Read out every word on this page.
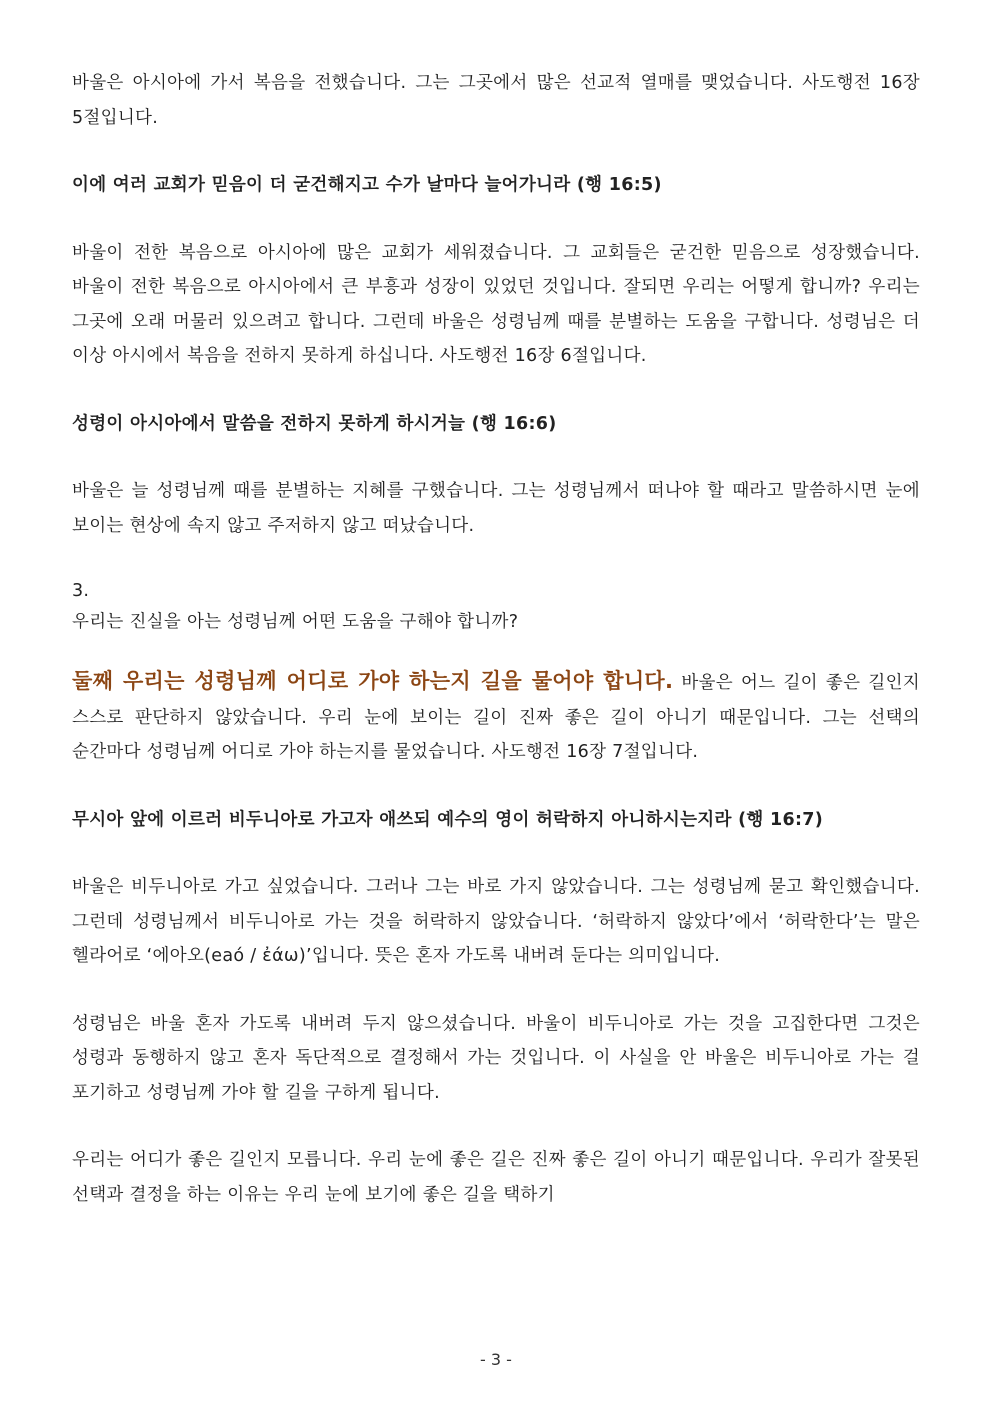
바울은 아시아에 가서 복음을 전했습니다. 그는 그곳에서 많은 선교적 열매를 맺었습니다. 사도행전 16장 5절입니다.

이에 여러 교회가 믿음이 더 굳건해지고 수가 날마다 늘어가니라 (행 16:5)

바울이 전한 복음으로 아시아에 많은 교회가 세워졌습니다. 그 교회들은 굳건한 믿음으로 성장했습니다. 바울이 전한 복음으로 아시아에서 큰 부흥과 성장이 있었던 것입니다. 잘되면 우리는 어떻게 합니까? 우리는 그곳에 오래 머물러 있으려고 합니다. 그런데 바울은 성령님께 때를 분별하는 도움을 구합니다. 성령님은 더 이상 아시에서 복음을 전하지 못하게 하십니다. 사도행전 16장 6절입니다.

성령이 아시아에서 말씀을 전하지 못하게 하시거늘 (행 16:6)

바울은 늘 성령님께 때를 분별하는 지혜를 구했습니다. 그는 성령님께서 떠나야 할 때라고 말씀하시면 눈에 보이는 현상에 속지 않고 주저하지 않고 떠났습니다.

3.
우리는 진실을 아는 성령님께 어떤 도움을 구해야 합니까?

둘째 우리는 성령님께 어디로 가야 하는지 길을 물어야 합니다. 바울은 어느 길이 좋은 길인지 스스로 판단하지 않았습니다. 우리 눈에 보이는 길이 진짜 좋은 길이 아니기 때문입니다. 그는 선택의 순간마다 성령님께 어디로 가야 하는지를 물었습니다. 사도행전 16장 7절입니다.

무시아 앞에 이르러 비두니아로 가고자 애쓰되 예수의 영이 허락하지 아니하시는지라 (행 16:7)

바울은 비두니아로 가고 싶었습니다. 그러나 그는 바로 가지 않았습니다. 그는 성령님께 묻고 확인했습니다. 그런데 성령님께서 비두니아로 가는 것을 허락하지 않았습니다. ‘허락하지 않았다’에서 ‘허락한다’는 말은 헬라어로 ‘에아오(eaó / ἐάω)’입니다. 뜻은 혼자 가도록 내버려 둔다는 의미입니다.

성령님은 바울 혼자 가도록 내버려 두지 않으셨습니다. 바울이 비두니아로 가는 것을 고집한다면 그것은 성령과 동행하지 않고 혼자 독단적으로 결정해서 가는 것입니다. 이 사실을 안 바울은 비두니아로 가는 걸 포기하고 성령님께 가야 할 길을 구하게 됩니다.

우리는 어디가 좋은 길인지 모릅니다. 우리 눈에 좋은 길은 진짜 좋은 길이 아니기 때문입니다. 우리가 잘못된 선택과 결정을 하는 이유는 우리 눈에 보기에 좋은 길을 택하기

- 3 -
